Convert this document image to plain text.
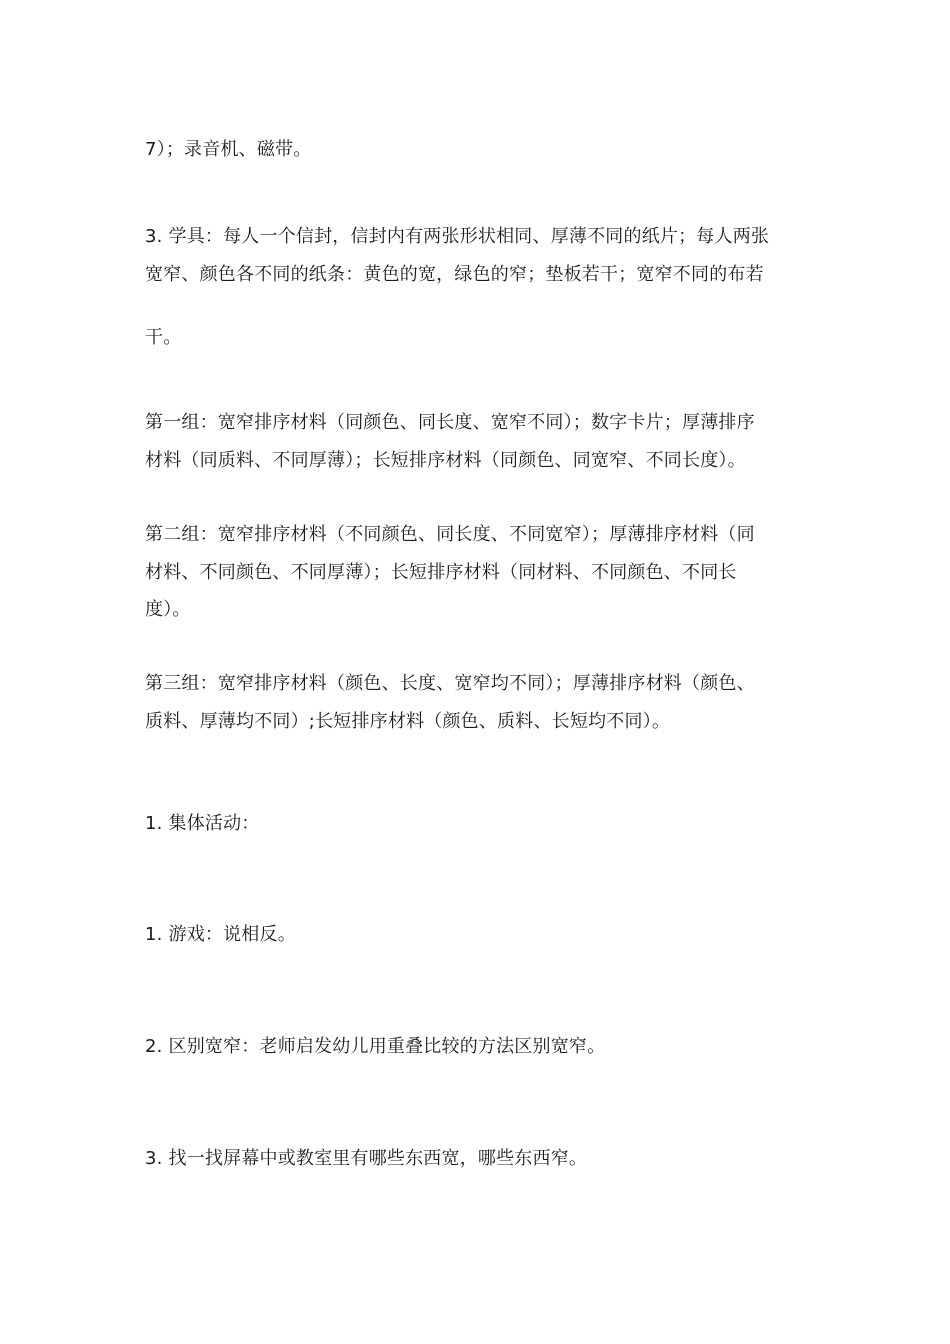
7）；录音机、磁带。
3. 学具：每人一个信封，信封内有两张形状相同、厚薄不同的纸片；每人两张
宽窄、颜色各不同的纸条：黄色的宽，绿色的窄；垫板若干；宽窄不同的布若
干。
第一组：宽窄排序材料（同颜色、同长度、宽窄不同）；数字卡片；厚薄排序
材料（同质料、不同厚薄）；长短排序材料（同颜色、同宽窄、不同长度）。
第二组：宽窄排序材料（不同颜色、同长度、不同宽窄）；厚薄排序材料（同
材料、不同颜色、不同厚薄）；长短排序材料（同材料、不同颜色、不同长
度）。
第三组：宽窄排序材料（颜色、长度、宽窄均不同）；厚薄排序材料（颜色、
质料、厚薄均不同）;长短排序材料（颜色、质料、长短均不同）。
1. 集体活动：
1. 游戏：说相反。
2. 区别宽窄：老师启发幼儿用重叠比较的方法区别宽窄。
3. 找一找屏幕中或教室里有哪些东西宽，哪些东西窄。
